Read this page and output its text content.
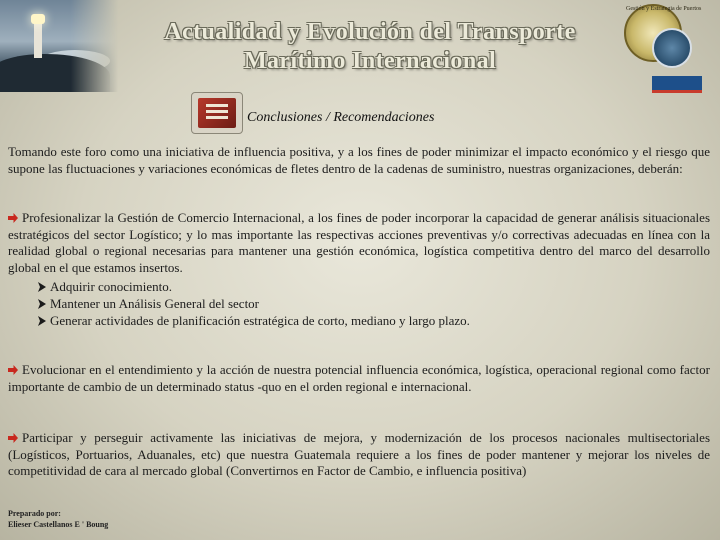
Actualidad y Evolución del Transporte
Marítimo Internacional
Gestión y Estrategia de Puertos
Conclusiones / Recomendaciones

Tomando este foro como una iniciativa de influencia positiva, y a los fines de poder minimizar el impacto económico y el riesgo que supone las fluctuaciones y variaciones económicas de fletes dentro de la cadenas de suministro, nuestras organizaciones, deberán:

Profesionalizar la Gestión de Comercio Internacional, a los fines de poder incorporar la capacidad de generar análisis situacionales estratégicos del sector Logístico; y lo mas importante las respectivas acciones preventivas y/o correctivas adecuadas en línea con la realidad global o regional necesarias para mantener una gestión económica, logística competitiva dentro del marco del desarrollo global en el que estamos insertos.

Adquirir conocimiento.
Mantener un Análisis General del sector
Generar actividades de planificación estratégica de corto, mediano y largo plazo.

Evolucionar en el entendimiento y la acción de nuestra potencial influencia económica, logística, operacional regional como factor importante de cambio de un determinado status -quo en el orden regional e internacional.

Participar y perseguir activamente las iniciativas de mejora, y modernización de los procesos nacionales multisectoriales (Logísticos, Portuarios, Aduanales, etc) que nuestra Guatemala requiere a los fines de poder mantener y mejorar los niveles de competitividad de cara al mercado global (Convertirnos en Factor de Cambio, e influencia positiva)

Preparado por:
Elieser Castellanos E ' Boung
